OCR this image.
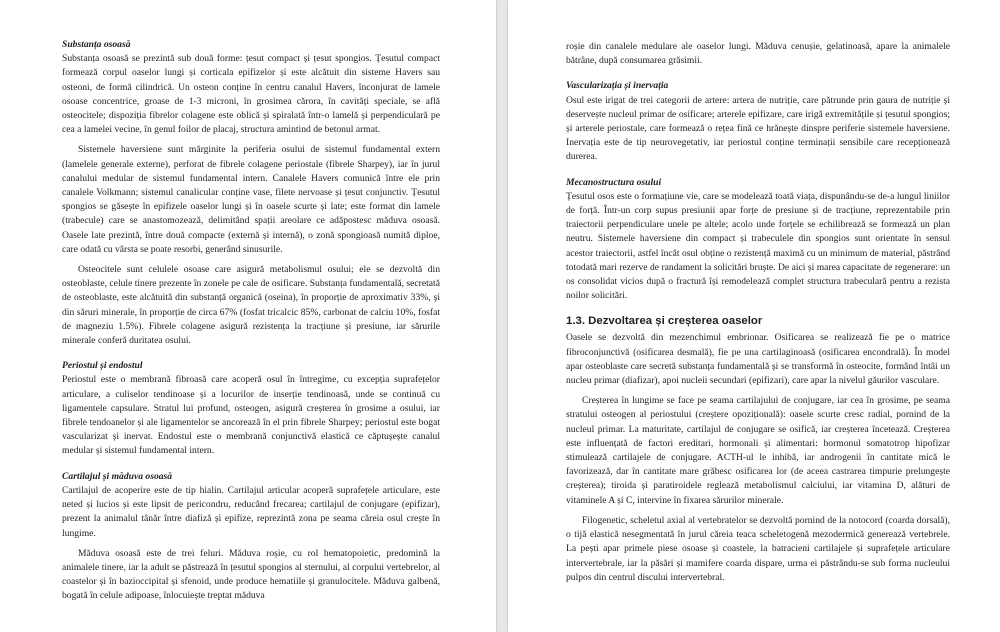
Substanța osoasă

Substanța osoasă se prezintă sub două forme: țesut compact și țesut spongios. Țesutul compact formează corpul oaselor lungi și corticala epifizelor și este alcătuit din sisteme Havers sau osteoni, de formă cilindrică. Un osteon conține în centru canalul Havers, înconjurat de lamele osoase concentrice, groase de 1-3 microni, în grosimea cărora, în cavități speciale, se află osteocitele; dispoziția fibrelor colagene este oblică și spiralată într-o lamelă și perpendiculară pe cea a lamelei vecine, în genul foilor de placaj, structura amintind de betonul armat.

Sistemele haversiene sunt mărginite la periferia osului de sistemul fundamental extern (lamelele generale externe), perforat de fibrele colagene periostale (fibrele Sharpey), iar în jurul canalului medular de sistemul fundamental intern. Canalele Havers comunică între ele prin canalele Volkmann; sistemul canalicular conține vase, filete nervoase și țesut conjunctiv. Țesutul spongios se găsește în epifizele oaselor lungi și în oasele scurte și late; este format din lamele (trabecule) care se anastomozează, delimitând spații areolare ce adăpostesc măduva osoasă. Oasele late prezintă, între două compacte (externă și internă), o zonă spongioasă numită diploe, care odată cu vârsta se poate resorbi, generând sinusurile.

Osteocitele sunt celulele osoase care asigură metabolismul osului; ele se dezvoltă din osteoblaste, celule tinere prezente în zonele pe cale de osificare. Substanța fundamentală, secretată de osteoblaste, este alcătuită din substanță organică (oseina), în proporție de aproximativ 33%, și din săruri minerale, în proporție de circa 67% (fosfat tricalcic 85%, carbonat de calciu 10%, fosfat de magneziu 1.5%). Fibrele colagene asigură rezistența la tracțiune și presiune, iar sărurile minerale conferă duritatea osului.

Periostul și endostul

Periostul este o membrană fibroasă care acoperă osul în întregime, cu excepția suprafețelor articulare, a culiselor tendinoase și a locurilor de inserție tendinoasă, unde se continuă cu ligamentele capsulare. Stratul lui profund, osteogen, asigură creșterea în grosime a osului, iar fibrele tendoanelor și ale ligamentelor se ancorează în el prin fibrele Sharpey; periostul este bogat vascularizat și inervat. Endostul este o membrană conjunctivă elastică ce căptușește canalul medular și sistemul fundamental intern.

Cartilajul și măduva osoasă

Cartilajul de acoperire este de tip hialin. Cartilajul articular acoperă suprafețele articulare, este neted și lucios și este lipsit de pericondru, reducând frecarea; cartilajul de conjugare (epifizar), prezent la animalul tânăr între diafiză și epifize, reprezintă zona pe seama căreia osul crește în lungime.

Măduva osoasă este de trei feluri. Măduva roșie, cu rol hematopoietic, predomină la animalele tinere, iar la adult se păstrează în țesutul spongios al sternului, al corpului vertebrelor, al coastelor și în bazioccipital și sfenoid, unde produce hematiile și granulocitele. Măduva galbenă, bogată în celule adipoase, înlocuiește treptat măduva

roșie din canalele medulare ale oaselor lungi. Măduva cenușie, gelatinoasă, apare la animalele bătrâne, după consumarea grăsimii.

Vascularizația și inervația

Osul este irigat de trei categorii de artere: artera de nutriție, care pătrunde prin gaura de nutriție și deservește nucleul primar de osificare; arterele epifizare, care irigă extremitățile și țesutul spongios; și arterele periostale, care formează o rețea fină ce hrănește dinspre periferie sistemele haversiene. Inervația este de tip neurovegetativ, iar periostul conține terminații sensibile care recepționează durerea.

Mecanostructura osului

Țesutul osos este o formațiune vie, care se modelează toată viața, dispunându-se de-a lungul liniilor de forță. Într-un corp supus presiunii apar forțe de presiune și de tracțiune, reprezentabile prin traiectorii perpendiculare unele pe altele; acolo unde forțele se echilibrează se formează un plan neutru. Sistemele haversiene din compact și trabeculele din spongios sunt orientate în sensul acestor traiectorii, astfel încât osul obține o rezistență maximă cu un minimum de material, păstrând totodată mari rezerve de randament la solicitări bruște. De aici și marea capacitate de regenerare: un os consolidat vicios după o fractură își remodelează complet structura trabeculară pentru a rezista noilor solicitări.

1.3. Dezvoltarea și creșterea oaselor

Oasele se dezvoltă din mezenchimul embrionar. Osificarea se realizează fie pe o matrice fibroconjunctivă (osificarea desmală), fie pe una cartilaginoasă (osificarea encondrală). În model apar osteoblaste care secretă substanța fundamentală și se transformă în osteocite, formând întâi un nucleu primar (diafizar), apoi nucleii secundari (epifizari), care apar la nivelul găurilor vasculare.

Creșterea în lungime se face pe seama cartilajului de conjugare, iar cea în grosime, pe seama stratului osteogen al periostului (creștere opozițională): oasele scurte cresc radial, pornind de la nucleul primar. La maturitate, cartilajul de conjugare se osifică, iar creșterea încetează. Creșterea este influențată de factori ereditari, hormonali și alimentari: hormonul somatotrop hipofizar stimulează cartilajele de conjugare. ACTH-ul le inhibă, iar androgenii în cantitate mică le favorizează, dar în cantitate mare grăbesc osificarea lor (de aceea castrarea timpurie prelungește creșterea); tiroida și paratiroidele reglează metabolismul calciului, iar vitamina D, alături de vitaminele A și C, intervine în fixarea sărurilor minerale.

Filogenetic, scheletul axial al vertebratelor se dezvoltă pornind de la notocord (coarda dorsală), o tijă elastică nesegmentată în jurul căreia teaca scheletogenă mezodermică generează vertebrele. La pești apar primele piese osoase și coastele, la batracieni cartilajele și suprafețele articulare intervertebrale, iar la păsări și mamifere coarda dispare, urma ei păstrându-se sub forma nucleului pulpos din centrul discului intervertebral.
